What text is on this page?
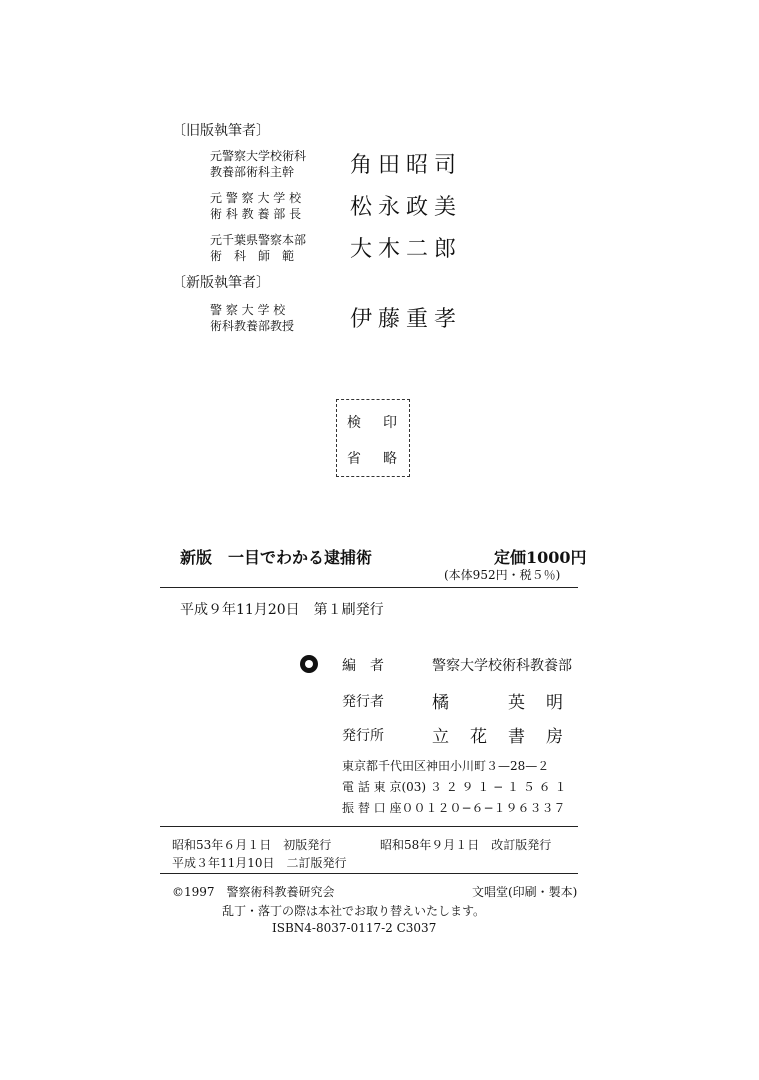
〔旧版執筆者〕
元警察大学校術科
教養部術科主幹	角田昭司
元 警 察 大 学 校
術 科 教 養 部 長 松永政美
元千葉県警察本部
術　科　師　範	大木二郎
〔新版執筆者〕
警 察 大 学 校
術科教養部教授	伊藤重孝
検 印
省 略
新版　一目でわかる逮捕術	定価1000円
(本体952円・税５％)
平成９年11月20日　第１刷発行
編　者	警察大学校術科教養部
発行者	橘　　　英　明
発行所	立　花　書　房
東京都千代田区神田小川町３—28—２
電 話 東 京(03) ３ ２ ９ １ − １ ５ ６ １
振 替 口 座００１２０−６−１９６３３７
昭和53年６月１日　初版発行	昭和58年９月１日　改訂版発行
平成３年11月10日　二訂版発行
©1997　警察術科教養研究会	文唱堂(印刷・製本)
乱丁・落丁の際は本社でお取り替えいたします。
ISBN4-8037-0117-2 C3037
